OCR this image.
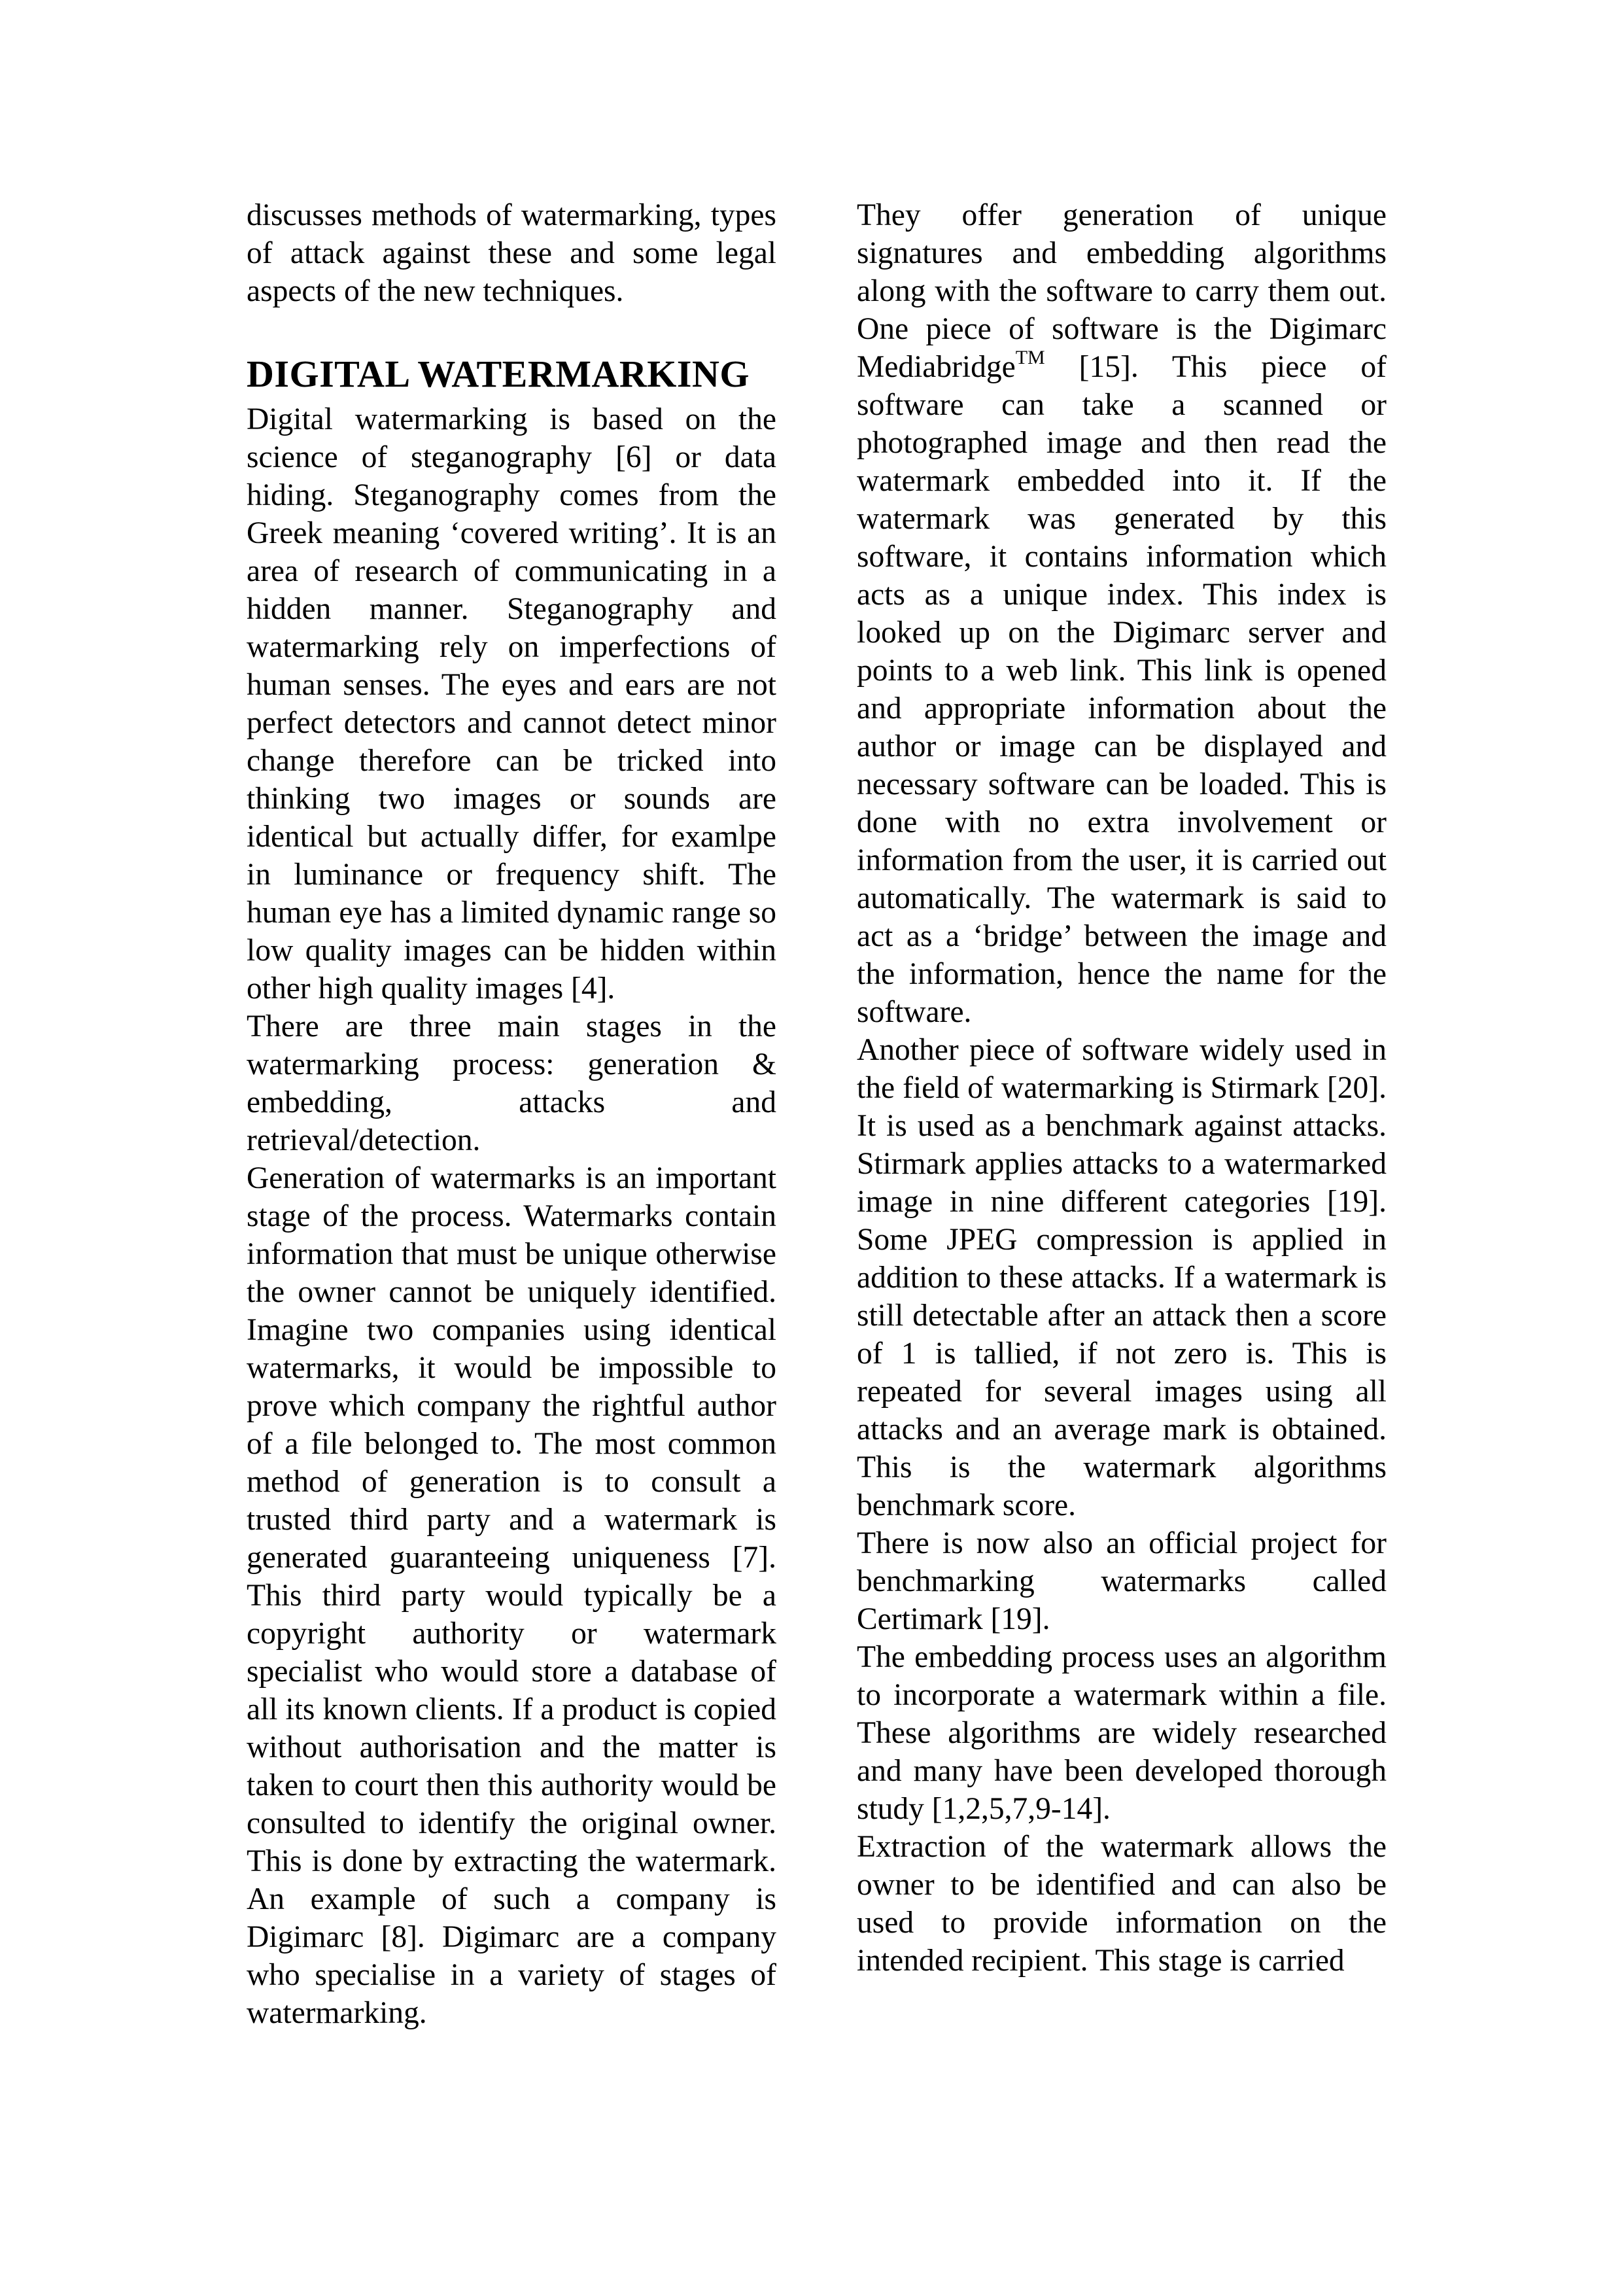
discusses methods of watermarking, types of attack against these and some legal aspects of the new techniques.

DIGITAL WATERMARKING

Digital watermarking is based on the science of steganography [6] or data hiding. Steganography comes from the Greek meaning ‘covered writing’. It is an area of research of communicating in a hidden manner. Steganography and watermarking rely on imperfections of human senses. The eyes and ears are not perfect detectors and cannot detect minor change therefore can be tricked into thinking two images or sounds are identical but actually differ, for examlpe in luminance or frequency shift. The human eye has a limited dynamic range so low quality images can be hidden within other high quality images [4].

There are three main stages in the watermarking process: generation & embedding, attacks and retrieval/detection.

Generation of watermarks is an important stage of the process. Watermarks contain information that must be unique otherwise the owner cannot be uniquely identified. Imagine two companies using identical watermarks, it would be impossible to prove which company the rightful author of a file belonged to. The most common method of generation is to consult a trusted third party and a watermark is generated guaranteeing uniqueness [7]. This third party would typically be a copyright authority or watermark specialist who would store a database of all its known clients. If a product is copied without authorisation and the matter is taken to court then this authority would be consulted to identify the original owner. This is done by extracting the watermark. An example of such a company is Digimarc [8]. Digimarc are a company who specialise in a variety of stages of watermarking.

They offer generation of unique signatures and embedding algorithms along with the software to carry them out. One piece of software is the Digimarc Mediabridge™ [15]. This piece of software can take a scanned or photographed image and then read the watermark embedded into it. If the watermark was generated by this software, it contains information which acts as a unique index. This index is looked up on the Digimarc server and points to a web link. This link is opened and appropriate information about the author or image can be displayed and necessary software can be loaded. This is done with no extra involvement or information from the user, it is carried out automatically. The watermark is said to act as a ‘bridge’ between the image and the information, hence the name for the software.

Another piece of software widely used in the field of watermarking is Stirmark [20]. It is used as a benchmark against attacks. Stirmark applies attacks to a watermarked image in nine different categories [19]. Some JPEG compression is applied in addition to these attacks. If a watermark is still detectable after an attack then a score of 1 is tallied, if not zero is. This is repeated for several images using all attacks and an average mark is obtained. This is the watermark algorithms benchmark score.

There is now also an official project for benchmarking watermarks called Certimark [19].

The embedding process uses an algorithm to incorporate a watermark within a file. These algorithms are widely researched and many have been developed thorough study [1,2,5,7,9-14].

Extraction of the watermark allows the owner to be identified and can also be used to provide information on the intended recipient. This stage is carried
